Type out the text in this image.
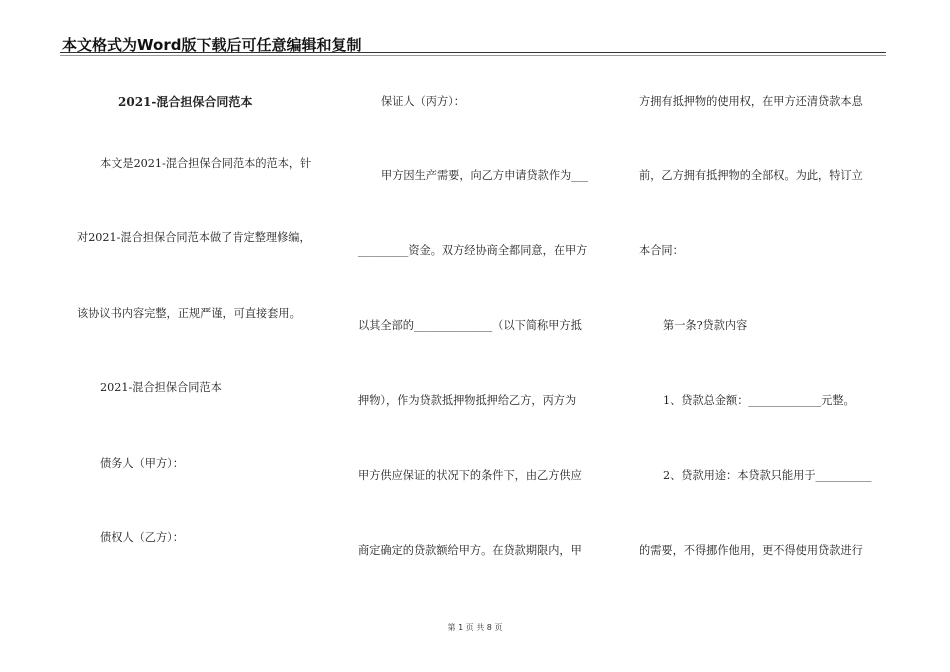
本文格式为Word版下载后可任意编辑和复制
2021-混合担保合同范本
本文是2021-混合担保合同范本的范本，针
对2021-混合担保合同范本做了肯定整理修编，
该协议书内容完整，正规严谨，可直接套用。
2021-混合担保合同范本
债务人（甲方）：
债权人（乙方）：
保证人（丙方）：
甲方因生产需要，向乙方申请贷款作为___
_________资金。双方经协商全都同意，在甲方
以其全部的______________（以下简称甲方抵
押物），作为贷款抵押物抵押给乙方，丙方为
甲方供应保证的状况下的条件下，由乙方供应
商定确定的贷款额给甲方。在贷款期限内，甲
方拥有抵押物的使用权，在甲方还清贷款本息
前，乙方拥有抵押物的全部权。为此，特订立
本合同：
第一条?贷款内容
1、贷款总金额：_____________元整。
2、贷款用途：本贷款只能用于__________
的需要，不得挪作他用，更不得使用贷款进行
第 1 页 共 8 页
